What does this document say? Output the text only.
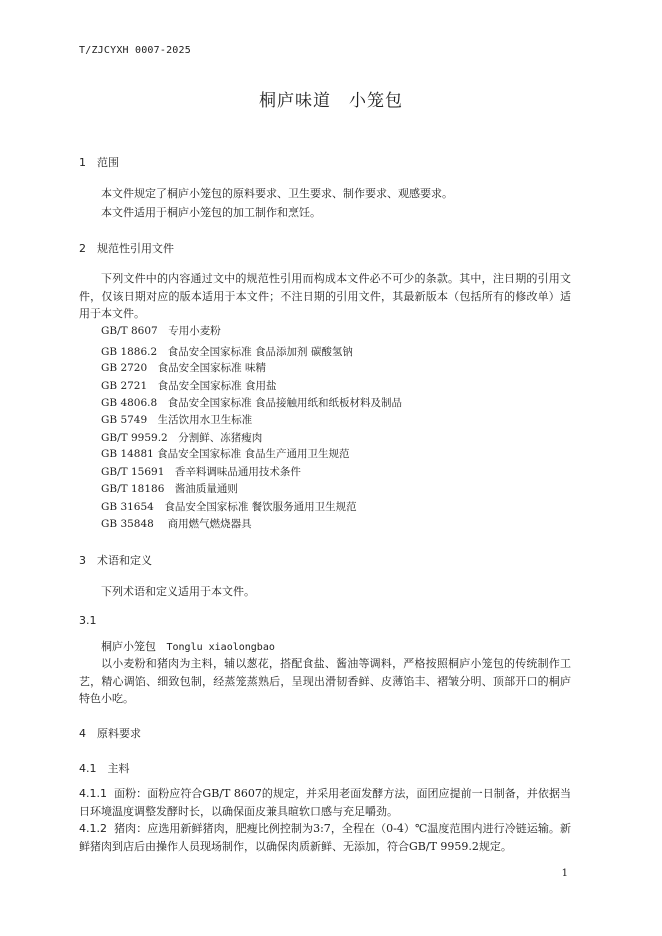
T/ZJCYXH 0007-2025
桐庐味道　小笼包
1　范围
本文件规定了桐庐小笼包的原料要求、卫生要求、制作要求、观感要求。
本文件适用于桐庐小笼包的加工制作和烹饪。
2　规范性引用文件
下列文件中的内容通过文中的规范性引用而构成本文件必不可少的条款。其中，注日期的引用文件，仅该日期对应的版本适用于本文件；不注日期的引用文件，其最新版本（包括所有的修改单）适用于本文件。
GB/T 8607　专用小麦粉
GB 1886.2　食品安全国家标准 食品添加剂 碳酸氢钠
GB 2720　食品安全国家标准 味精
GB 2721　食品安全国家标准 食用盐
GB 4806.8　食品安全国家标准 食品接触用纸和纸板材料及制品
GB 5749　生活饮用水卫生标准
GB/T 9959.2　分割鲜、冻猪瘦肉
GB 14881 食品安全国家标准 食品生产通用卫生规范
GB/T 15691　香辛料调味品通用技术条件
GB/T 18186　酱油质量通则
GB 31654　食品安全国家标准 餐饮服务通用卫生规范
GB 35848　 商用燃气燃烧器具
3　术语和定义
下列术语和定义适用于本文件。
3.1
桐庐小笼包 Tonglu xiaolongbao
以小麦粉和猪肉为主料，辅以葱花，搭配食盐、酱油等调料，严格按照桐庐小笼包的传统制作工艺，精心调馅、细致包制，经蒸笼蒸熟后，呈现出滑韧香鲜、皮薄馅丰、褶皱分明、顶部开口的桐庐特色小吃。
4　原料要求
4.1　主料
4.1.1 面粉：面粉应符合GB/T 8607的规定，并采用老面发酵方法，面团应提前一日制备，并依据当日环境温度调整发酵时长，以确保面皮兼具暄软口感与充足嚼劲。
4.1.2 猪肉：应选用新鲜猪肉，肥瘦比例控制为3:7，全程在（0-4）℃温度范围内进行冷链运输。新鲜猪肉到店后由操作人员现场制作，以确保肉质新鲜、无添加，符合GB/T 9959.2规定。
1
